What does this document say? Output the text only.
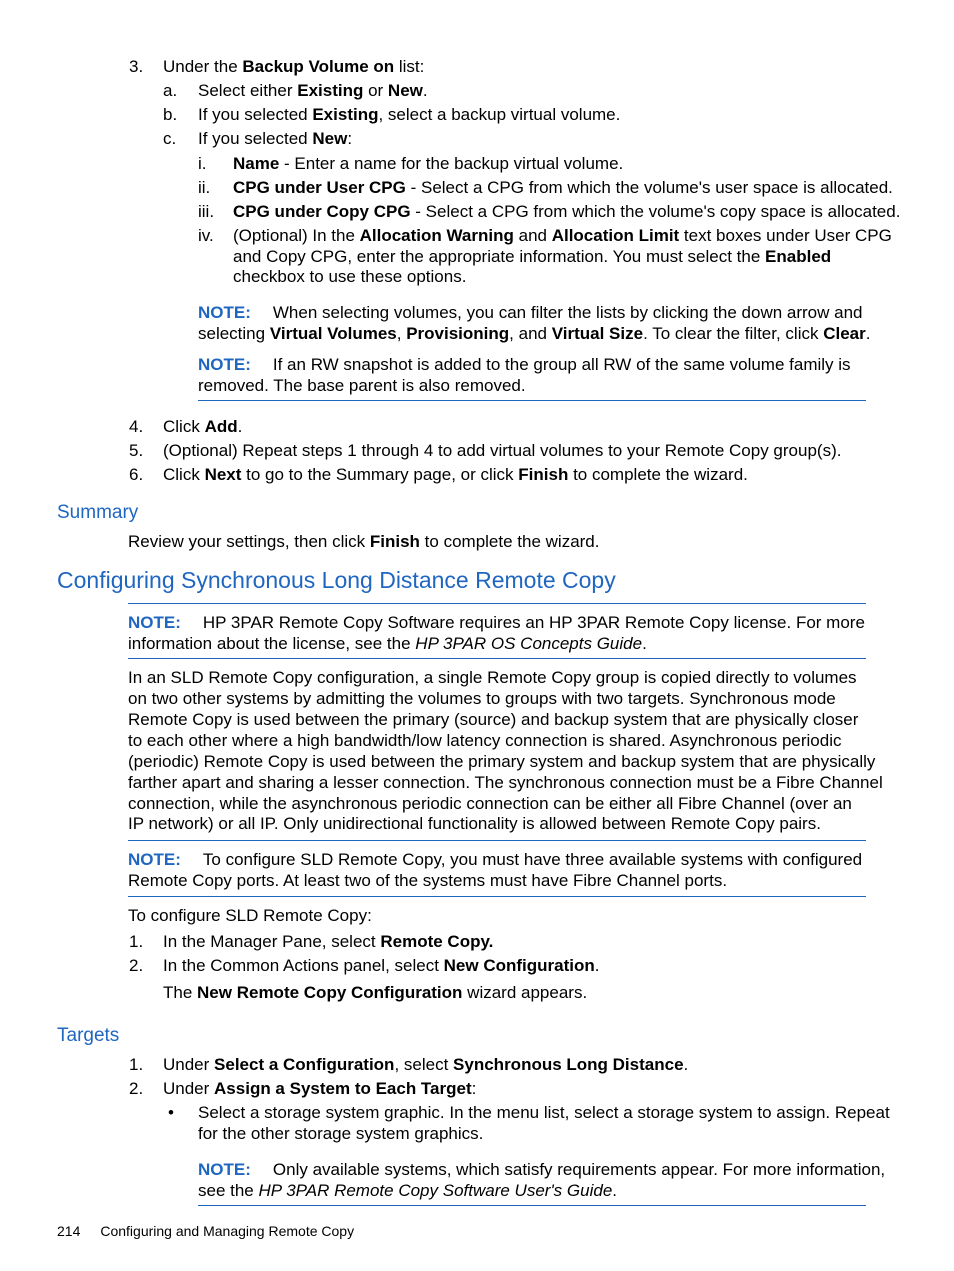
3. Under the Backup Volume on list:
a. Select either Existing or New.
b. If you selected Existing, select a backup virtual volume.
c. If you selected New:
i. Name - Enter a name for the backup virtual volume.
ii. CPG under User CPG - Select a CPG from which the volume's user space is allocated.
iii. CPG under Copy CPG - Select a CPG from which the volume's copy space is allocated.
iv. (Optional) In the Allocation Warning and Allocation Limit text boxes under User CPG
and Copy CPG, enter the appropriate information. You must select the Enabled
checkbox to use these options.
NOTE: When selecting volumes, you can filter the lists by clicking the down arrow and
selecting Virtual Volumes, Provisioning, and Virtual Size. To clear the filter, click Clear.
NOTE: If an RW snapshot is added to the group all RW of the same volume family is
removed. The base parent is also removed.
4. Click Add.
5. (Optional) Repeat steps 1 through 4 to add virtual volumes to your Remote Copy group(s).
6. Click Next to go to the Summary page, or click Finish to complete the wizard.
Summary
Review your settings, then click Finish to complete the wizard.
Configuring Synchronous Long Distance Remote Copy
NOTE: HP 3PAR Remote Copy Software requires an HP 3PAR Remote Copy license. For more
information about the license, see the HP 3PAR OS Concepts Guide.
In an SLD Remote Copy configuration, a single Remote Copy group is copied directly to volumes
on two other systems by admitting the volumes to groups with two targets. Synchronous mode
Remote Copy is used between the primary (source) and backup system that are physically closer
to each other where a high bandwidth/low latency connection is shared. Asynchronous periodic
(periodic) Remote Copy is used between the primary system and backup system that are physically
farther apart and sharing a lesser connection. The synchronous connection must be a Fibre Channel
connection, while the asynchronous periodic connection can be either all Fibre Channel (over an
IP network) or all IP. Only unidirectional functionality is allowed between Remote Copy pairs.
NOTE: To configure SLD Remote Copy, you must have three available systems with configured
Remote Copy ports. At least two of the systems must have Fibre Channel ports.
To configure SLD Remote Copy:
1. In the Manager Pane, select Remote Copy.
2. In the Common Actions panel, select New Configuration.
The New Remote Copy Configuration wizard appears.
Targets
1. Under Select a Configuration, select Synchronous Long Distance.
2. Under Assign a System to Each Target:
• Select a storage system graphic. In the menu list, select a storage system to assign. Repeat
for the other storage system graphics.
NOTE: Only available systems, which satisfy requirements appear. For more information,
see the HP 3PAR Remote Copy Software User's Guide.
214 Configuring and Managing Remote Copy
